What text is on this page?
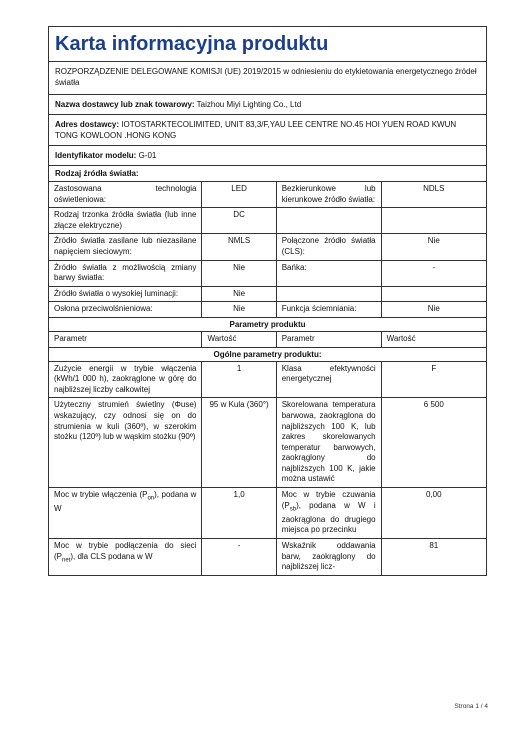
Karta informacyjna produktu
ROZPORZĄDZENIE DELEGOWANE KOMISJI (UE) 2019/2015 w odniesieniu do etykietowania energetycznego źródeł światła
Nazwa dostawcy lub znak towarowy: Taizhou Miyi Lighting Co., Ltd
Adres dostawcy: IOTOSTARKTECOLIMITED, UNIT 83,3/F,YAU LEE CENTRE NO.45 HOI YUEN ROAD KWUN TONG KOWLOON .HONG KONG
Identyfikator modelu: G-01
Rodzaj źródła światła:
Zastosowana technologia oświetleniowa:	LED	Bezkierunkowe lub kierunkowe źródło światła:	NDLS
Rodzaj trzonka źródła światła (lub inne złącze elektryczne)	DC		
Źródło światła zasilane lub niezasilane napięciem sieciowym:	NMLS	Połączone źródło światła (CLS):	Nie
Źródło światła z możliwością zmiany barwy światła:	Nie	Bańka:	-
Źródło światła o wysokiej luminacji:	Nie		
Osłona przeciwolśnieniowa:	Nie	Funkcja ściemniania:	Nie
Parametry produktu
Parametr	Wartość	Parametr	Wartość
Ogólne parametry produktu:
Zużycie energii w trybie włączenia (kWh/1 000 h), zaokrąglone w górę do najbliższej liczby całkowitej	1	Klasa efektywności energetycznej	F
Użyteczny strumień świetlny (Φuse) wskazujący, czy odnosi się on do strumienia w kuli (360º), w szerokim stożku (120º) lub w wąskim stożku (90º)	95 w Kula (360°)	Skorelowana temperatura barwowa, zaokrąglona do najbliższych 100 K, lub zakres skorelowanych temperatur barwowych, zaokrąglony do najbliższych 100 K, jakie można ustawić	6 500
Moc w trybie włączenia $(P_{on})$, podana w W	1,0	Moc w trybie czuwania $(P_{sb})$, podana w W i zaokrąglona do drugiego miejsca po przecinku	0,00
Moc w trybie podłączenia do sieci $(P_{net})$, dla CLS podana w W	-	Wskaźnik oddawania barw, zaokrąglony do najbliższej licz-	81
Strona 1 / 4
